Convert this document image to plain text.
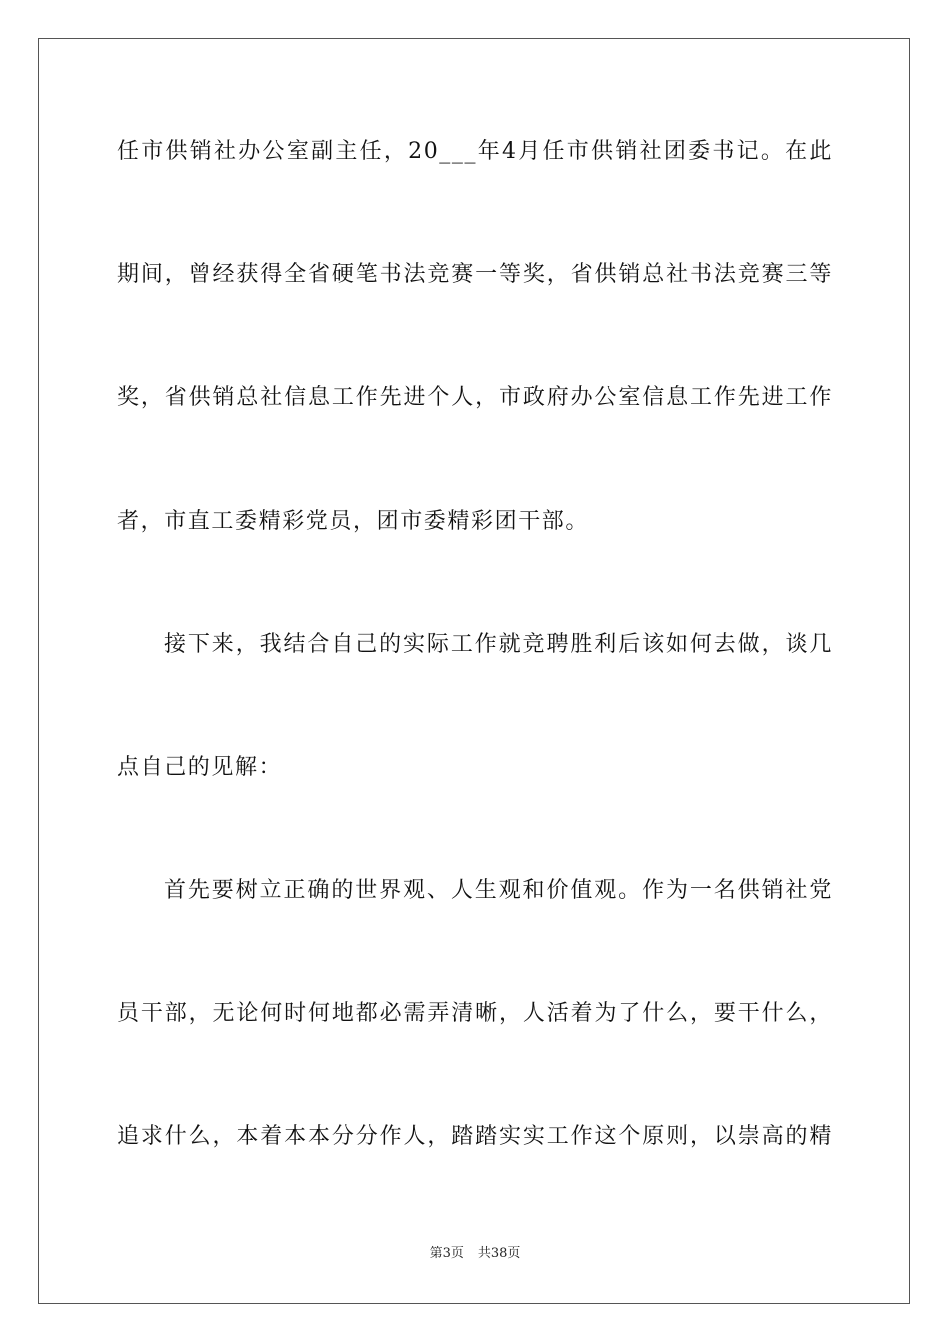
任市供销社办公室副主任，20___年4月任市供销社团委书记。在此
期间，曾经获得全省硬笔书法竞赛一等奖，省供销总社书法竞赛三等
奖，省供销总社信息工作先进个人，市政府办公室信息工作先进工作
者，市直工委精彩党员，团市委精彩团干部。
接下来，我结合自己的实际工作就竞聘胜利后该如何去做，谈几
点自己的见解：
首先要树立正确的世界观、人生观和价值观。作为一名供销社党
员干部，无论何时何地都必需弄清晰，人活着为了什么，要干什么，
追求什么，本着本本分分作人，踏踏实实工作这个原则，以崇高的精
第3页 共38页
